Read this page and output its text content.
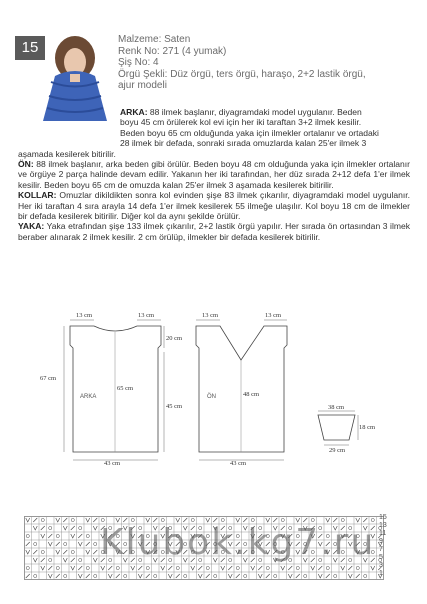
15	Malzeme: Saten
Renk No: 271 (4 yumak)
Şiş No: 4
Örgü Şekli: Düz örgü, ters örgü, haraşo, 2+2 lastik örgü,
ajur modeli

ARKA: 88 ilmek başlanır, diyagramdaki model uygulanır. Beden

boyu 45 cm örülerek kol evi için her iki taraftan 3+2 ilmek kesilir.

Beden boyu 65 cm olduğunda yaka için ilmekler ortalanır ve ortadaki

28 ilmek bir defada, sonraki sırada omuzlarda kalan 25'er ilmek 3

aşamada kesilerek bitirilir.

ÖN: 88 ilmek başlanır, arka beden gibi örülür. Beden boyu 48 cm olduğunda yaka için ilmekler ortalanır ve örgüye 2 parça halinde devam edilir. Yakanın her iki tarafından, her düz sırada 2+12 defa 1'er ilmek kesilir. Beden boyu 65 cm de omuzda kalan 25'er ilmek 3 aşamada kesilerek bitirilir.

KOLLAR: Omuzlar dikildikten sonra kol evinden şişe 83 ilmek çıkarılır, diyagramdaki model uygulanır. Her iki taraftan 4 sıra arayla 14 defa 1'er ilmek kesilerek 55 ilmeğe ulaşılır. Kol boyu 18 cm de ilmekler bir defada kesilerek bitirilir. Diğer kol da aynı şekilde örülür.

YAKA: Yaka etrafından şişe 133 ilmek çıkarılır, 2+2 lastik örgü yapılır. Her sırada ön ortasından 3 ilmek beraber alınarak 2 ilmek kesilir. 2 cm örülüp, ilmekler bir defada kesilerek bitirilir.

13 cm	13 cm
20 cm
67 cm
65 cm
45 cm
43 cm
ARKA
13 cm	13 cm
48 cm
43 cm
ÖN
38 cm
18 cm
29 cm
15
13
11
9
7
5
3
1
Klubok.kg7.ru
